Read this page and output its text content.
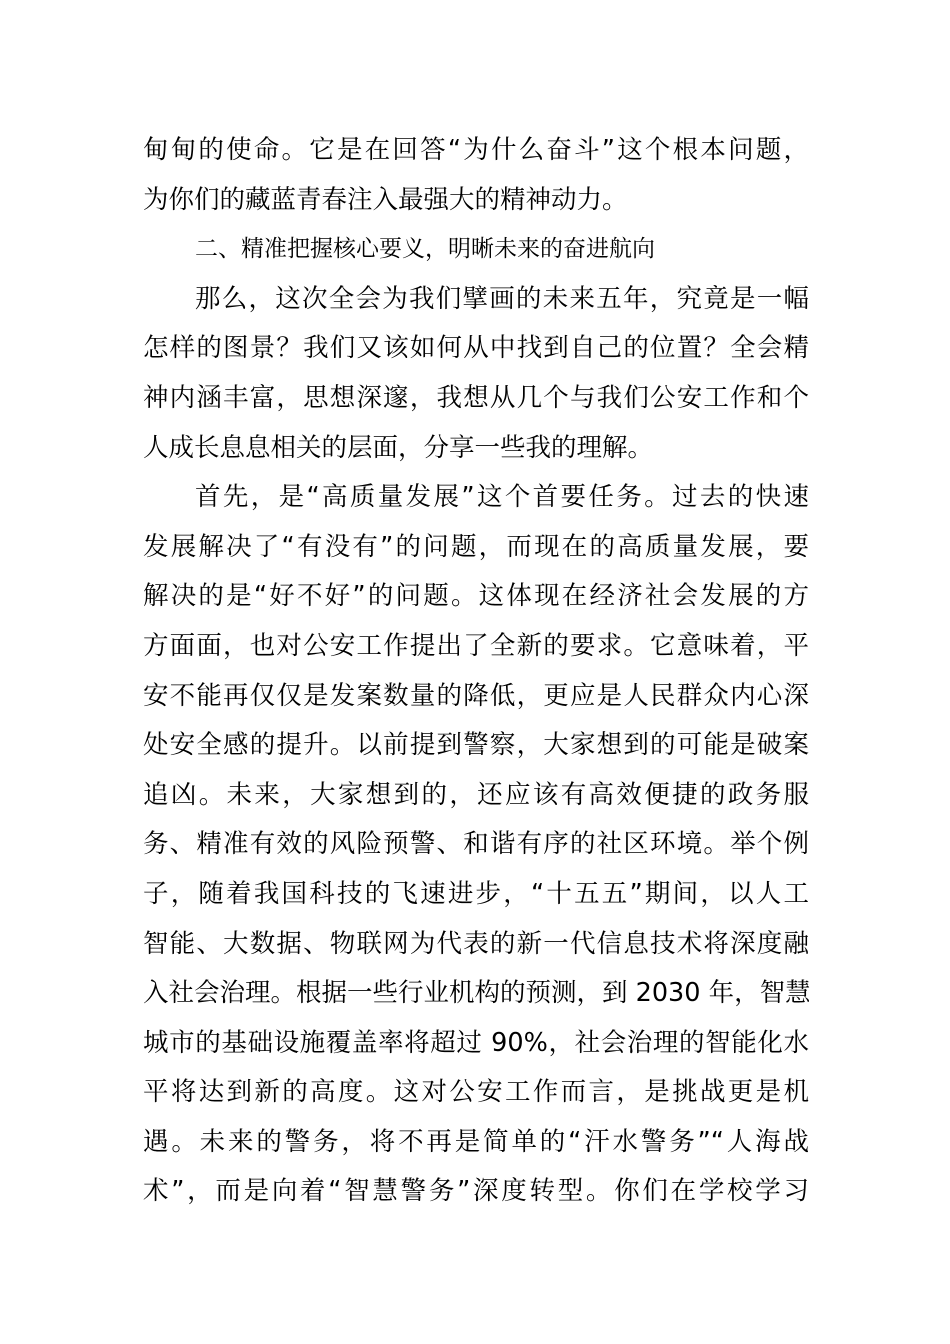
甸甸的使命。它是在回答“为什么奋斗”这个根本问题，
为你们的藏蓝青春注入最强大的精神动力。
二、精准把握核心要义，明晰未来的奋进航向
那么，这次全会为我们擘画的未来五年，究竟是一幅
怎样的图景？我们又该如何从中找到自己的位置？全会精
神内涵丰富，思想深邃，我想从几个与我们公安工作和个
人成长息息相关的层面，分享一些我的理解。
首先，是“高质量发展”这个首要任务。过去的快速
发展解决了“有没有”的问题，而现在的高质量发展，要
解决的是“好不好”的问题。这体现在经济社会发展的方
方面面，也对公安工作提出了全新的要求。它意味着，平
安不能再仅仅是发案数量的降低，更应是人民群众内心深
处安全感的提升。以前提到警察，大家想到的可能是破案
追凶。未来，大家想到的，还应该有高效便捷的政务服
务、精准有效的风险预警、和谐有序的社区环境。举个例
子，随着我国科技的飞速进步，“十五五”期间，以人工
智能、大数据、物联网为代表的新一代信息技术将深度融
入社会治理。根据一些行业机构的预测，到 2030 年，智慧
城市的基础设施覆盖率将超过 90%，社会治理的智能化水
平将达到新的高度。这对公安工作而言，是挑战更是机
遇。未来的警务，将不再是简单的“汗水警务”“人海战
术”，而是向着“智慧警务”深度转型。你们在学校学习
